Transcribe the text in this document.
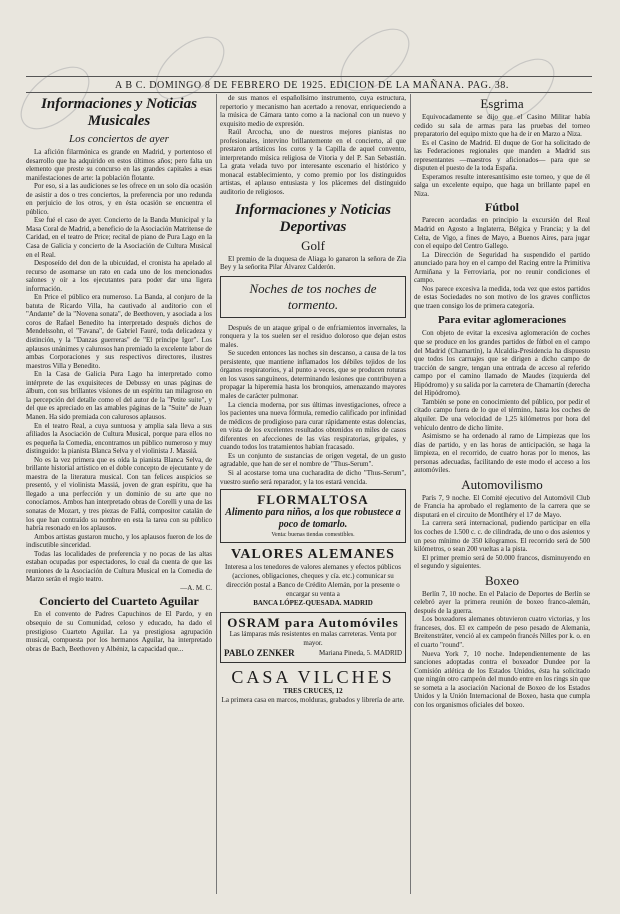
A B C. DOMINGO 8 DE FEBRERO DE 1925. EDICION DE LA MAÑANA. PAG. 38.
Informaciones y Noticias Musicales
Los conciertos de ayer

La afición filarmónica es grande en Madrid, y portentoso el desarrollo que ha adquirido en estos últimos años; pero falta un elemento que preste su concurso en las grandes capitales a esas manifestaciones de arte: la población flotante.

Por eso, si a las audiciones se les ofrece en un solo día ocasión de asistir a dos o tres conciertos, la preferencia por uno redunda en perjuicio de los otros, y en ésta ocasión se encuentra el público.

Ese fué el caso de ayer. Concierto de la Banda Municipal y la Masa Coral de Madrid, a beneficio de la Asociación Matritense de Caridad, en el teatro de Price; recital de piano de Pura Lago en la Casa de Galicia y concierto de la Asociación de Cultura Musical en el Real.

Desposeído del don de la ubicuidad, el cronista ha apelado al recurso de asomarse un rato en cada uno de los mencionados salones y oír a los ejecutantes para poder dar una ligera información.

En Price el público era numeroso. La Banda, al conjuro de la batuta de Ricardo Villa, ha cautivado al auditorio con el "Andante" de la "Novena sonata", de Beethoven, y asociada a los coros de Rafael Benedito ha interpretado después dichos de Mendelssohn, el "Favana", de Gabriel Fauré, toda delicadeza y distinción, y la "Danzas guerreras" de "El príncipe Igor". Los aplausos unánimes y calurosos han premiado la excelente labor de ambas Corporaciones y sus respectivos directores, ilustres maestros Villa y Benedito.

En la Casa de Galicia Pura Lago ha interpretado como intérprete de las exquisiteces de Debussy en unas páginas de álbum, con sus brillantes visiones de un espíritu tan milagroso en la percepción del detalle como el del autor de la "Petite suite", y del que es apreciado en las amables páginas de la "Suite" de Juan Manen. Ha sido premiada con calurosos aplausos.

En el teatro Real, a cuya suntuosa y amplia sala lleva a sus afiliados la Asociación de Cultura Musical, porque para ellos no es pequeña la Comedia, encontramos un público numeroso y muy distinguido: la pianista Blanca Selva y el violinista J. Massiá.

No es la vez primera que es oída la pianista Blanca Selva, de brillante historial artístico en el doble concepto de ejecutante y de maestra de la literatura musical. Con tan felices auspicios se presentó, y el violinista Massiá, joven de gran espíritu, que ha llegado a una perfección y un dominio de su arte que no conocíamos. Ambos han interpretado obras de Corelli y una de las sonatas de Mozart, y tres piezas de Fallá, compositor catalán de los que han contraído su nombre en esta la tarea con su público habría resonado en los aplausos.

Ambos artistas gustaron mucho, y los aplausos fueron de los de indiscutible sinceridad.

Todas las localidades de preferencia y no pocas de las altas estaban ocupadas por espectadores, lo cual da cuenta de que las reuniones de la Asociación de Cultura Musical en la Comedia de Marzo serán el regio teatro.

—A. M. C.

Concierto del Cuarteto Aguilar

En el convento de Padres Capuchinos de El Pardo, y en obsequio de su Comunidad, celoso y educado, ha dado el prestigioso Cuarteto Aguilar. La ya prestigiosa agrupación musical, compuesta por los hermanos Aguilar, ha interpretado obras de Bach, Beethoven y Albéniz, la capacidad que...

de sus manos el españolísimo instrumento, cuya estructura, repertorio y mecanismo han acertado a renovar, enriqueciendo a la música de Cámara tanto como a la nacional con un nuevo y exquisito medio de expresión.

Raúl Arcocha, uno de nuestros mejores pianistas no profesionales, intervino brillantemente en el concierto, al que prestaron artísticos los coros y la Capilla de aquel convento, interpretando música religiosa de Vitoria y del P. San Sebastián. La grata velada tuvo por interesante escenario el histórico y monacal establecimiento, y como premio por los distinguidos artistas, el aplauso entusiasta y los plácemes del distinguido auditorio de religiosos.

Informaciones y Noticias Deportivas
Golf

El premio de la duquesa de Aliaga lo ganaron la señora de Zia Bey y la señorita Pilar Álvarez Calderón.

Noches de tos noches de tormento.

Después de un ataque gripal o de enfriamientos invernales, la ronquera y la tos suelen ser el residuo doloroso que dejan estos males.

Se suceden entonces las noches sin descanso, a causa de la tos persistente, que mantiene inflamados los débiles tejidos de los órganos respiratorios, y al punto a veces, que se producen roturas en los vasos sanguíneos, determinando lesiones que contribuyen a propagar la hiperemia hasta los bronquios, amenazando mayores males de carácter pulmonar.

La ciencia moderna, por sus últimas investigaciones, ofrece a los pacientes una nueva fórmula, remedio calificado por infinidad de médicos de prodigioso para curar rápidamente estas dolencias, en vista de los excelentes resultados obtenidos en miles de casos diferentes en afecciones de las vías respiratorias, gripales, y cuando todos los tratamientos habían fracasado.

Es un conjunto de sustancias de origen vegetal, de un gusto agradable, que han de ser el nombre de "Thus-Serum".

Si al acostarse toma una cucharadita de dicho "Thus-Serum", vuestro sueño será reparador, y la tos estará vencida.

FLORMALTOSA
Alimento para niños, a los que robustece a poco de tomarlo.
Venta: buenas tiendas comestibles.
VALORES ALEMANES
Interesa a los tenedores de valores alemanes y efectos públicos (acciones, obligaciones, cheques y cía. etc.) comunicar su dirección postal a Banco de Crédito Alemán, por la presente o encargar su venta a
BANCA LÓPEZ-QUESADA. MADRID
OSRAM para Automóviles
Las lámparas más resistentes en malas carreteras. Venta por mayor.
PABLO ZENKER	Mariana Pineda, 5. MADRID
CASA VILCHES
TRES CRUCES, 12
La primera casa en marcos, molduras, grabados y librería de arte.
Esgrima

Equivocadamente se dijo que el Casino Militar había cedido su sala de armas para las pruebas del torneo preparatorio del equipo mixto que ha de ir en Marzo a Niza.

Es el Casino de Madrid. El duque de Gor ha solicitado de las Federaciones regionales que manden a Madrid sus representantes —maestros y aficionados— para que se disputen el puesto de la toda España.

Esperamos resulte interesantísimo este torneo, y que de él salga un excelente equipo, que haga un brillante papel en Niza.

Fútbol

Parecen acordadas en principio la excursión del Real Madrid en Agosto a Inglaterra, Bélgica y Francia; y la del Celta, de Vigo, a fines de Mayo, a Buenos Aires, para jugar con el equipo del Centro Gallego.

La Dirección de Seguridad ha suspendido el partido anunciado para hoy en el campo del Racing entre la Primitiva Armiñana y la Ferroviaria, por no reunir condiciones el campo.

Nos parece excesiva la medida, toda vez que estos partidos de estas Sociedades no son motivo de los graves conflictos que traen consigo los de primera categoría.

Para evitar aglomeraciones

Con objeto de evitar la excesiva aglomeración de coches que se produce en los grandes partidos de fútbol en el campo del Madrid (Chamartín), la Alcaldía-Presidencia ha dispuesto que todos los carruajes que se dirigen a dicho campo de tracción de sangre, tengan una entrada de acceso al referido campo por el camino llamado de Maudes (izquierda del Hipódromo) y su salida por la carretera de Chamartín (derecha del Hipódromo).

También se pone en conocimiento del público, por pedir el citado campo fuera de lo que el término, hasta los coches de alquiler. De una velocidad de 1,25 kilómetros por hora del vehículo dentro de dicho límite.

Asimismo se ha ordenado al ramo de Limpiezas que los días de partido, y en las horas de anticipación, se haga la limpieza, en el recorrido, de cuatro horas por lo menos, las personas adecuadas, facilitando de este modo el acceso a los automóviles.

Automovilismo

París 7, 9 noche. El Comité ejecutivo del Automóvil Club de Francia ha aprobado el reglamento de la carrera que se disputará en el circuito de Montlhéry el 17 de Mayo.

La carrera será internacional, pudiendo participar en ella los coches de 1.500 c. c. de cilindrada, de uno o dos asientos y un peso mínimo de 350 kilogramos. El recorrido será de 500 kilómetros, o sean 200 vueltas a la pista.

El primer premio será de 50.000 francos, disminuyendo en el segundo y siguientes.

Boxeo

Berlín 7, 10 noche. En el Palacio de Deportes de Berlín se celebró ayer la primera reunión de boxeo franco-alemán, después de la guerra.

Los boxeadores alemanes obtuvieron cuatro victorias, y los franceses, dos. El ex campeón de peso pesado de Alemania, Breitensträter, venció al ex campeón francés Nilles por k. o. en el cuarto "round".

Nueva York 7, 10 noche. Independientemente de las sanciones adoptadas contra el boxeador Dundee por la Comisión atlética de los Estados Unidos, ésta ha solicitado que ningún otro campeón del mundo entre en los rings sin que se someta a la asociación Nacional de Boxeo de los Estados Unidos y la Unión Internacional de Boxeo, hasta que cumpla con los organismos oficiales del boxeo.
